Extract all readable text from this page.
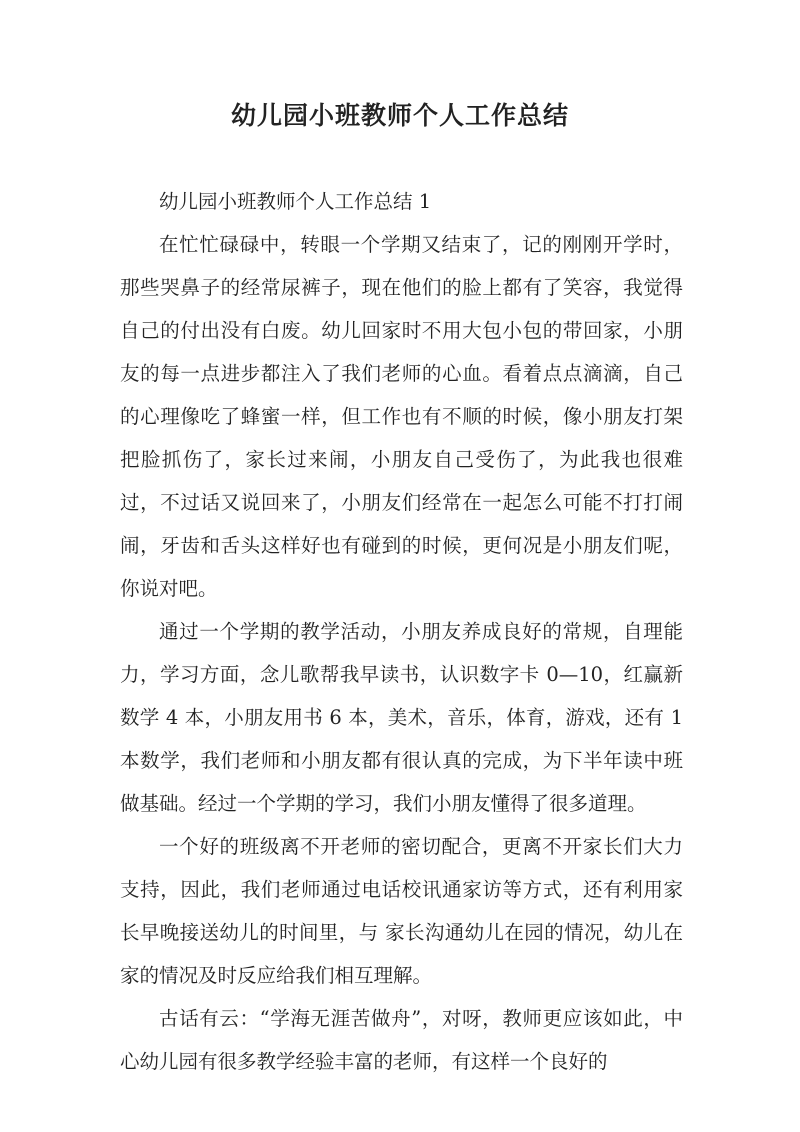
幼儿园小班教师个人工作总结

幼儿园小班教师个人工作总结 1

在忙忙碌碌中，转眼一个学期又结束了，记的刚刚开学时，那些哭鼻子的经常尿裤子，现在他们的脸上都有了笑容，我觉得自己的付出没有白废。幼儿回家时不用大包小包的带回家，小朋友的每一点进步都注入了我们老师的心血。看着点点滴滴，自己的心理像吃了蜂蜜一样，但工作也有不顺的时候，像小朋友打架把脸抓伤了，家长过来闹，小朋友自己受伤了，为此我也很难过，不过话又说回来了，小朋友们经常在一起怎么可能不打打闹闹，牙齿和舌头这样好也有碰到的时候，更何况是小朋友们呢，你说对吧。

通过一个学期的教学活动，小朋友养成良好的常规，自理能力，学习方面，念儿歌帮我早读书，认识数字卡 0—10，红赢新数学 4 本，小朋友用书 6 本，美术，音乐，体育，游戏，还有 1 本数学，我们老师和小朋友都有很认真的完成，为下半年读中班做基础。经过一个学期的学习，我们小朋友懂得了很多道理。

一个好的班级离不开老师的密切配合，更离不开家长们大力支持，因此，我们老师通过电话校讯通家访等方式，还有利用家长早晚接送幼儿的时间里，与 家长沟通幼儿在园的情况，幼儿在家的情况及时反应给我们相互理解。

古话有云：“学海无涯苦做舟”，对呀，教师更应该如此，中心幼儿园有很多教学经验丰富的老师，有这样一个良好的
